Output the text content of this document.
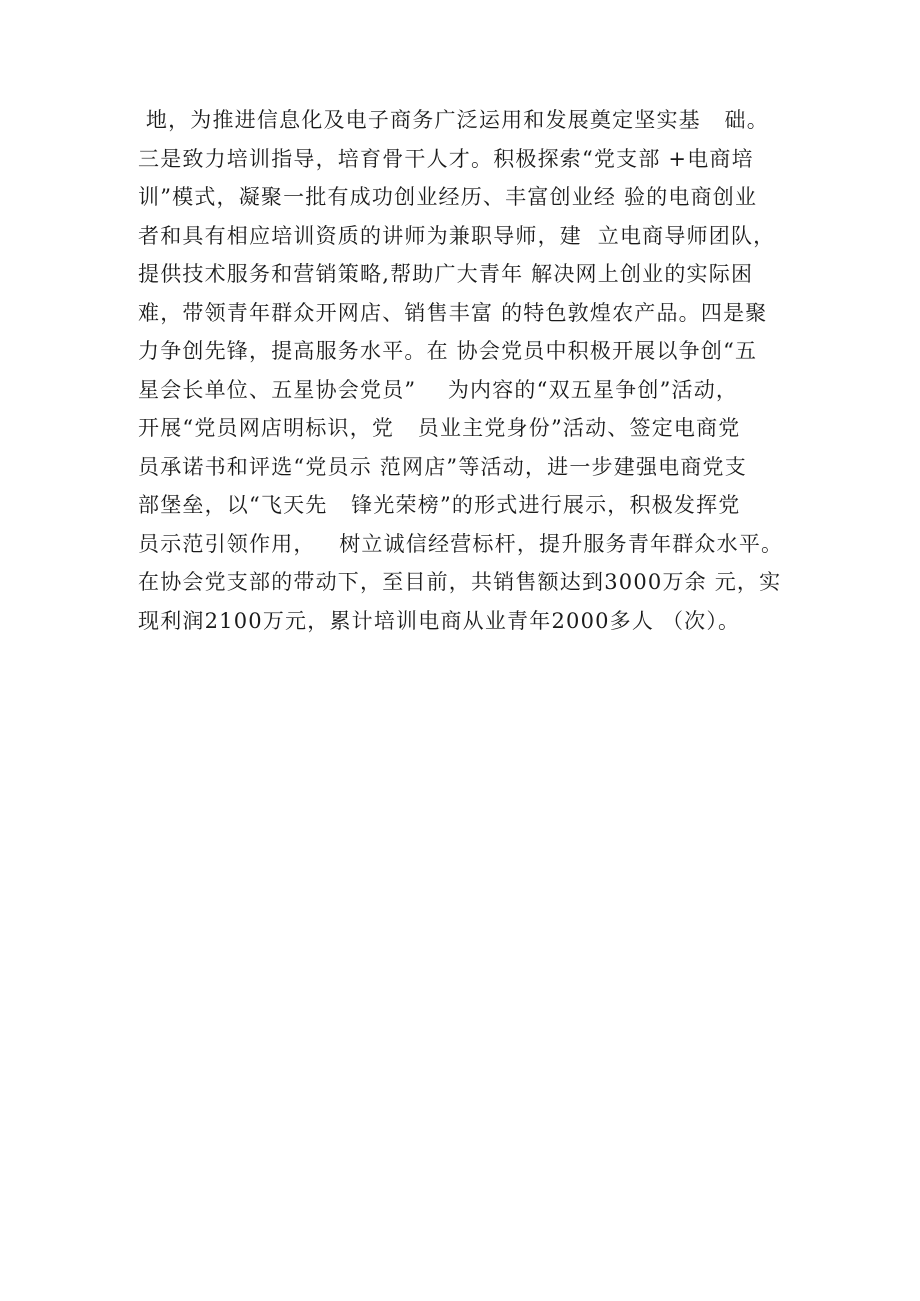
地，为推进信息化及电子商务广泛运用和发展奠定坚实基   础。
三是致力培训指导，培育骨干人才。积极探索“党支部 +电商培
训”模式，凝聚一批有成功创业经历、丰富创业经 验的电商创业
者和具有相应培训资质的讲师为兼职导师，建  立电商导师团队，
提供技术服务和营销策略,帮助广大青年 解决网上创业的实际困
难，带领青年群众开网店、销售丰富 的特色敦煌农产品。四是聚
力争创先锋，提高服务水平。在 协会党员中积极开展以争创“五
星会长单位、五星协会党员”    为内容的“双五星争创”活动，
开展“党员网店明标识，党   员业主党身份”活动、签定电商党
员承诺书和评选“党员示 范网店”等活动，进一步建强电商党支
部堡垒，以“飞天先   锋光荣榜”的形式进行展示，积极发挥党
员示范引领作用，   树立诚信经营标杆，提升服务青年群众水平。
在协会党支部的带动下，至目前，共销售额达到3000万余 元，实
现利润2100万元，累计培训电商从业青年2000多人 （次）。
